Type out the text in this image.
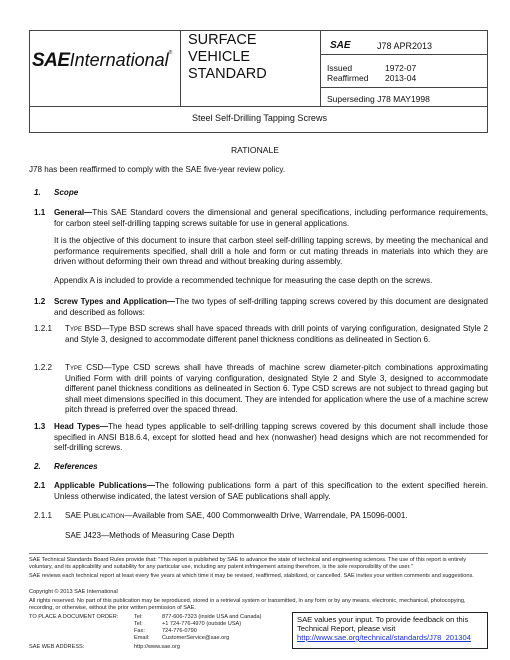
SAEInternational®
SURFACE
VEHICLE
STANDARD
SAE	J78 APR2013
Issued	1972-07
Reaffirmed 2013-04
Superseding J78 MAY1998
Steel Self-Drilling Tapping Screws
RATIONALE
J78 has been reaffirmed to comply with the SAE five-year review policy.
1. Scope
1.1 General—This SAE Standard covers the dimensional and general specifications, including performance requirements, for carbon steel self-drilling tapping screws suitable for use in general applications.
It is the objective of this document to insure that carbon steel self-drilling tapping screws, by meeting the mechanical and performance requirements specified, shall drill a hole and form or cut mating threads in materials into which they are driven without deforming their own thread and without breaking during assembly.
Appendix A is included to provide a recommended technique for measuring the case depth on the screws.
1.2 Screw Types and Application—The two types of self-drilling tapping screws covered by this document are designated and described as follows:
1.2.1 Type BSD—Type BSD screws shall have spaced threads with drill points of varying configuration, designated Style 2 and Style 3, designed to accommodate different panel thickness conditions as delineated in Section 6.
1.2.2 Type CSD—Type CSD screws shall have threads of machine screw diameter-pitch combinations approximating Unified Form with drill points of varying configuration, designated Style 2 and Style 3, designed to accommodate different panel thickness conditions as delineated in Section 6. Type CSD screws are not subject to thread gaging but shall meet dimensions specified in this document. They are intended for application where the use of a machine screw pitch thread is preferred over the spaced thread.
1.3 Head Types—The head types applicable to self-drilling tapping screws covered by this document shall include those specified in ANSI B18.6.4, except for slotted head and hex (nonwasher) head designs which are not recommended for self-drilling screws.
2. References
2.1 Applicable Publications—The following publications form a part of this specification to the extent specified herein. Unless otherwise indicated, the latest version of SAE publications shall apply.
2.1.1 SAE Publication—Available from SAE, 400 Commonwealth Drive, Warrendale, PA 15096-0001.
SAE J423—Methods of Measuring Case Depth
SAE Technical Standards Board Rules provide that: "This report is published by SAE to advance the state of technical and engineering sciences. The use of this report is entirely voluntary, and its applicability and suitability for any particular use, including any patent infringement arising therefrom, is the sole responsibility of the user."
SAE reviews each technical report at least every five years at which time it may be revised, reaffirmed, stabilized, or cancelled. SAE invites your written comments and suggestions.
Copyright © 2013 SAE International
All rights reserved. No part of this publication may be reproduced, stored in a retrieval system or transmitted, in any form or by any means, electronic, mechanical, photocopying, recording, or otherwise, without the prior written permission of SAE.
TO PLACE A DOCUMENT ORDER:	Tel:	877-606-7323 (inside USA and Canada)
Tel:	+1 724-776-4970 (outside USA)
Fax:	724-776-0790
Email: CustomerService@sae.org
SAE WEB ADDRESS:	http://www.sae.org
SAE values your input. To provide feedback on this Technical Report, please visit http://www.sae.org/technical/standards/J78_201304
